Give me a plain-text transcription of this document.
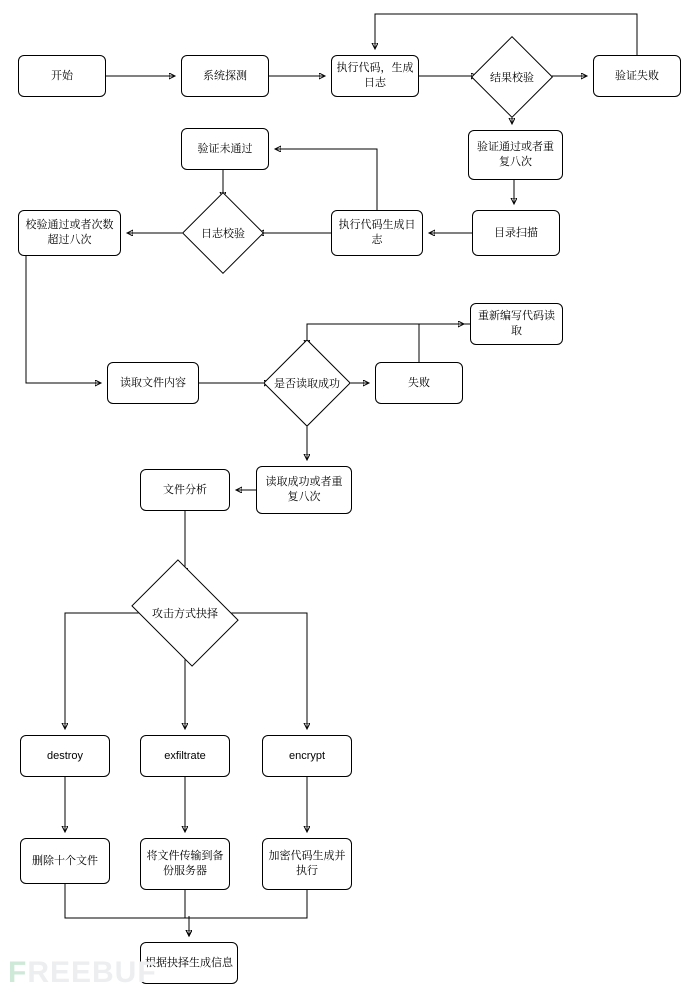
开始	系统探测
执行代码，生成日志	结果校验	验证失败
验证通过或者重复八次
验证未通过
目录扫描
执行代码生成日志
日志校验
校验通过或者次数超过八次
读取文件内容	是否读取成功	失败
重新编写代码读取
读取成功或者重复八次
文件分析
攻击方式抉择
destroy	exfiltrate	encrypt
删除十个文件	将文件传输到备份服务器
加密代码生成并执行
根据抉择生成信息
FREEBUF
